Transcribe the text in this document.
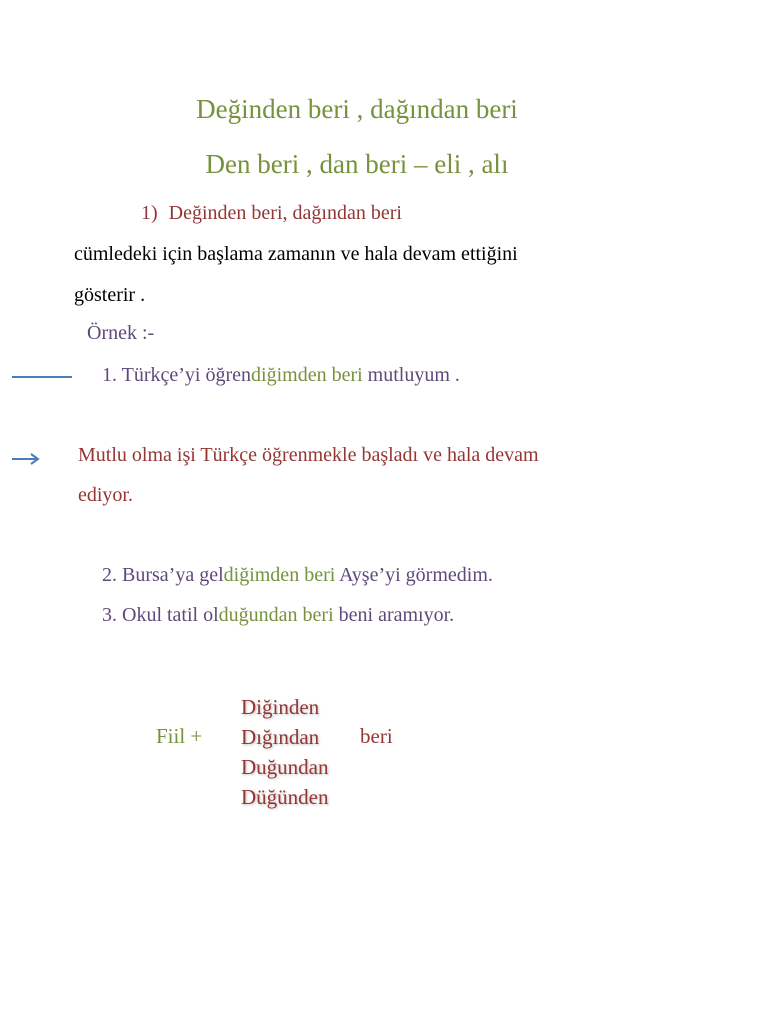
Değinden beri , dağından beri
Den beri , dan beri – eli , alı
1) Değinden beri, dağından beri
cümledeki için başlama zamanın ve hala devam ettiğini
gösterir .
Örnek :-
1. Türkçe’yi öğrendiğimden beri mutluyum .
Mutlu olma işi Türkçe öğrenmekle başladı ve hala devam
ediyor.
2. Bursa’ya geldiğimden beri Ayşe’yi görmedim.
3. Okul tatil olduğundan beri beni aramıyor.
Fiil +
Diğinden
Dığından
Duğundan
Düğünden
beri
